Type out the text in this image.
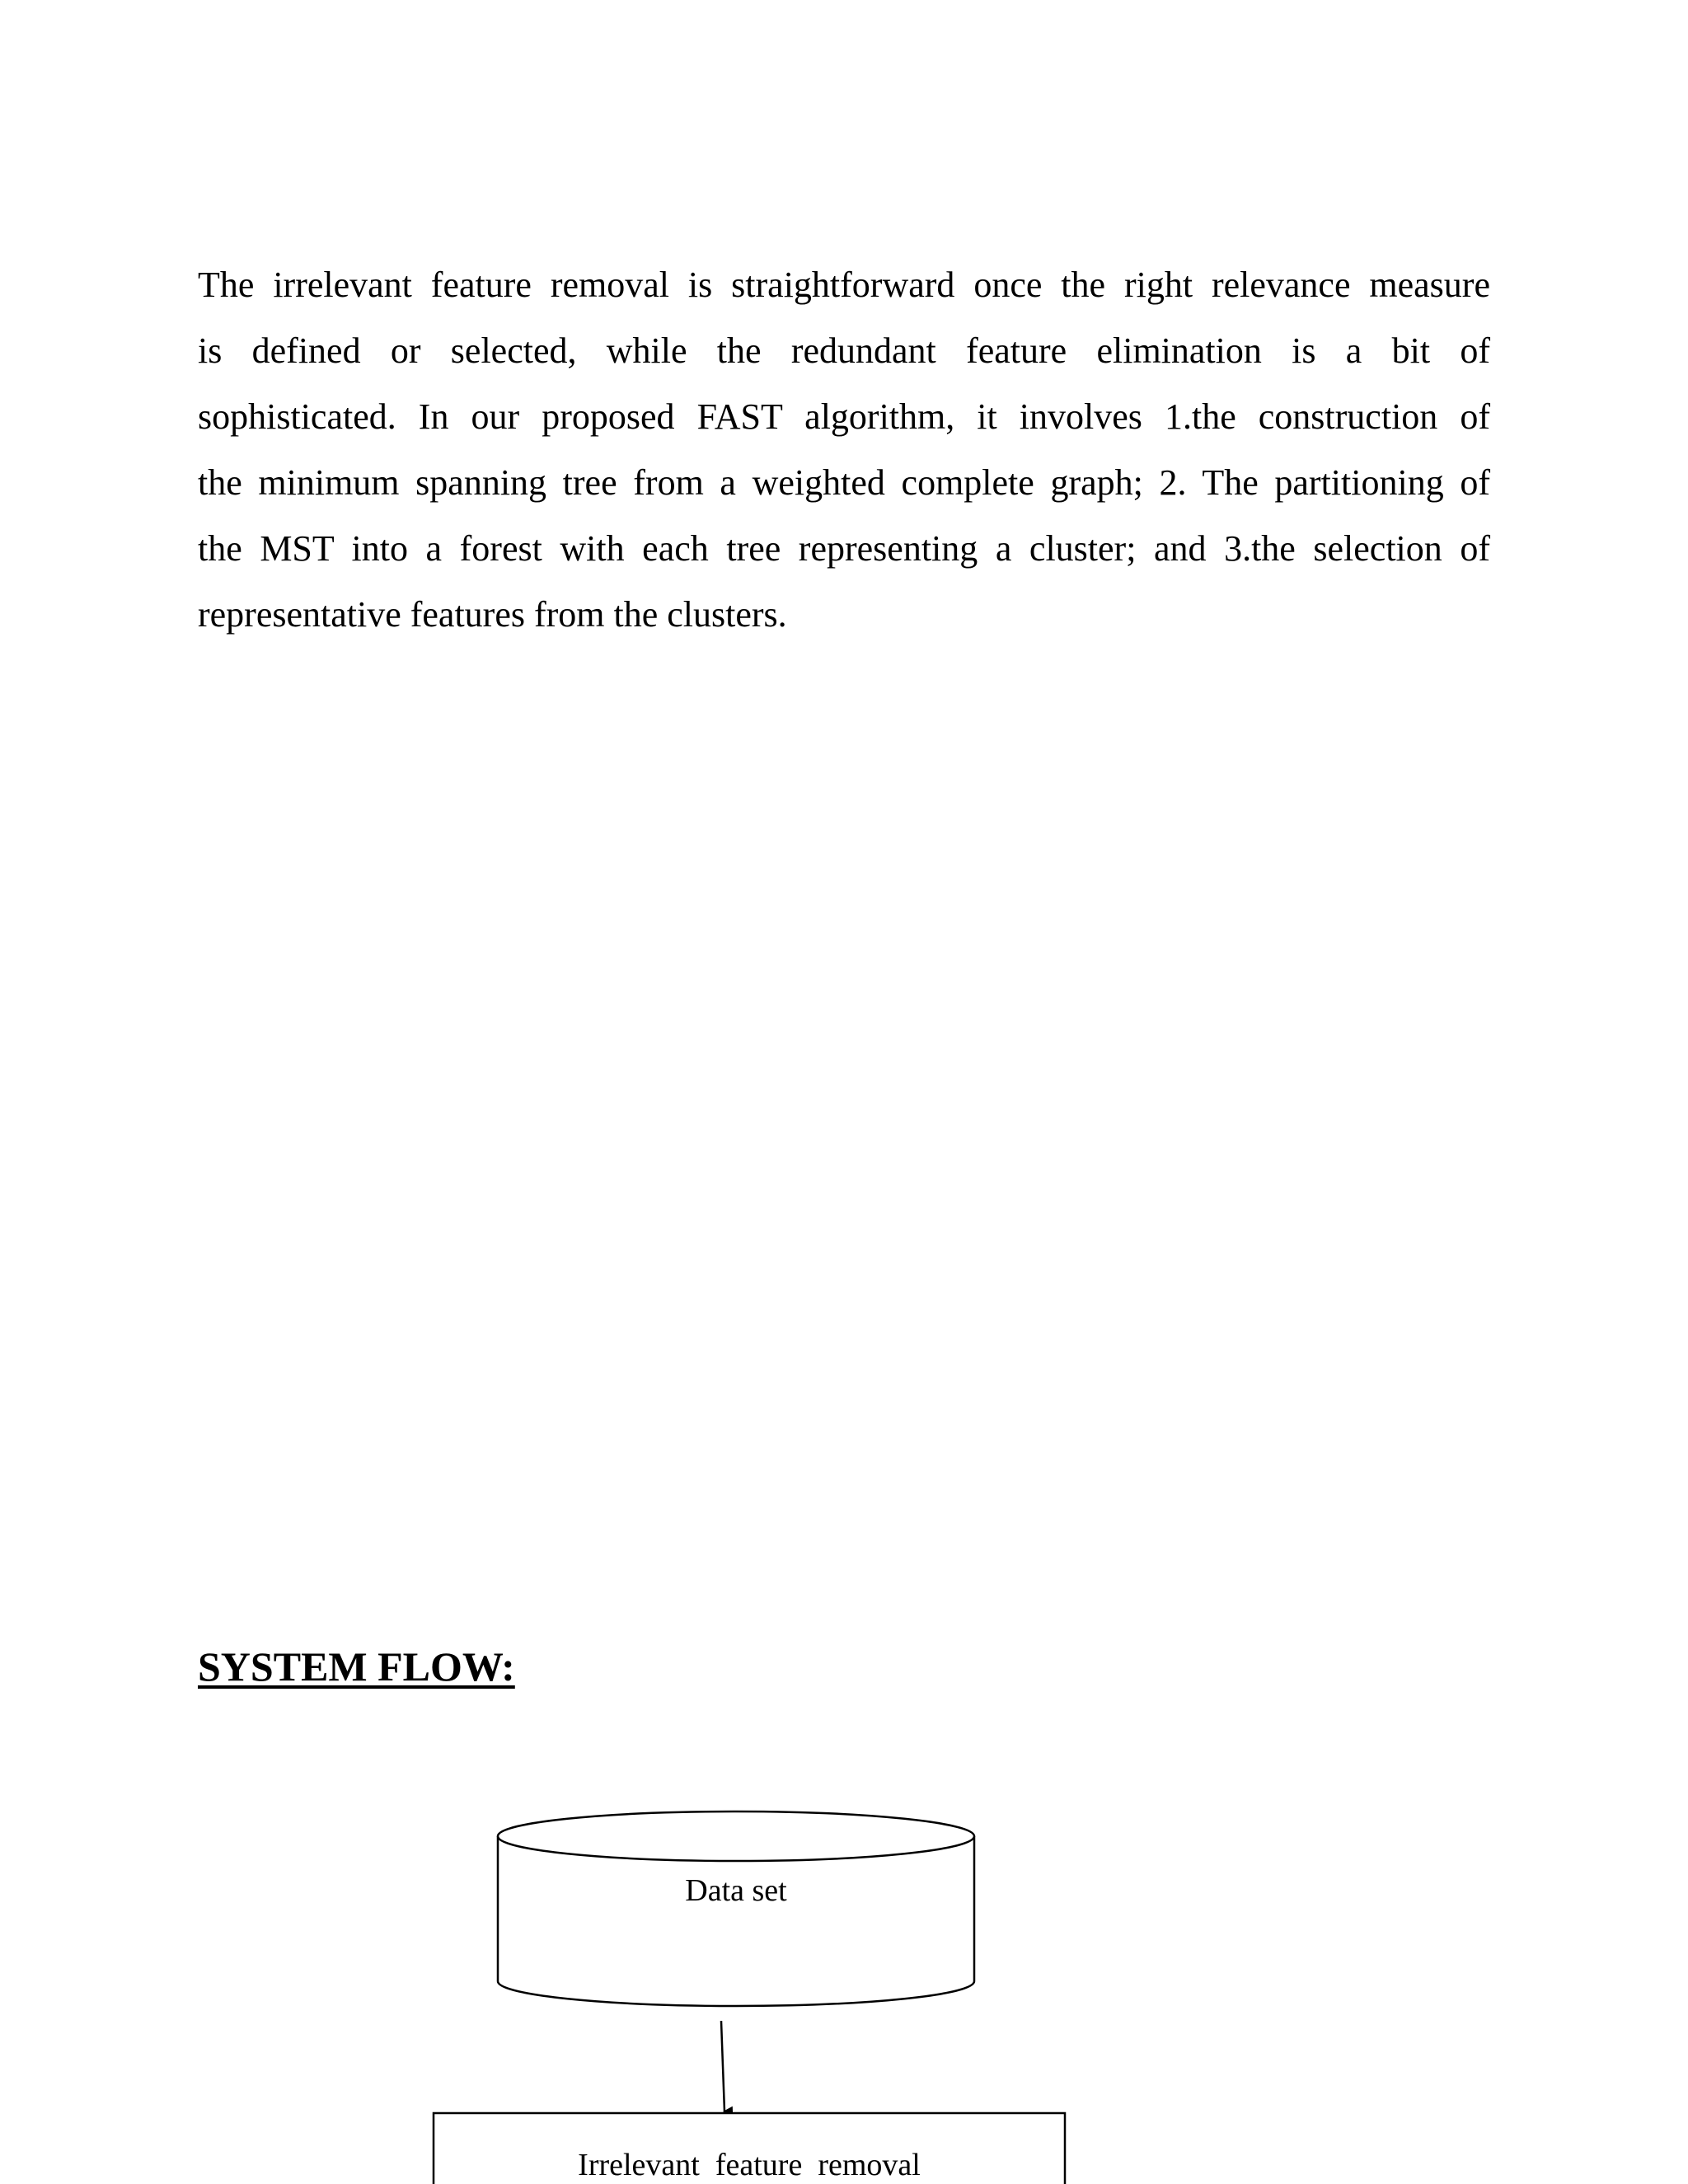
The irrelevant feature removal is straightforward once the right relevance measure
is defined or selected, while the redundant feature elimination is a bit of
sophisticated. In our proposed FAST algorithm, it involves 1.the construction of
the minimum spanning tree from a weighted complete graph; 2. The partitioning of
the MST into a forest with each tree representing a cluster; and 3.the selection of
representative features from the clusters.
SYSTEM FLOW:
Data set
Irrelevant  feature  removal
